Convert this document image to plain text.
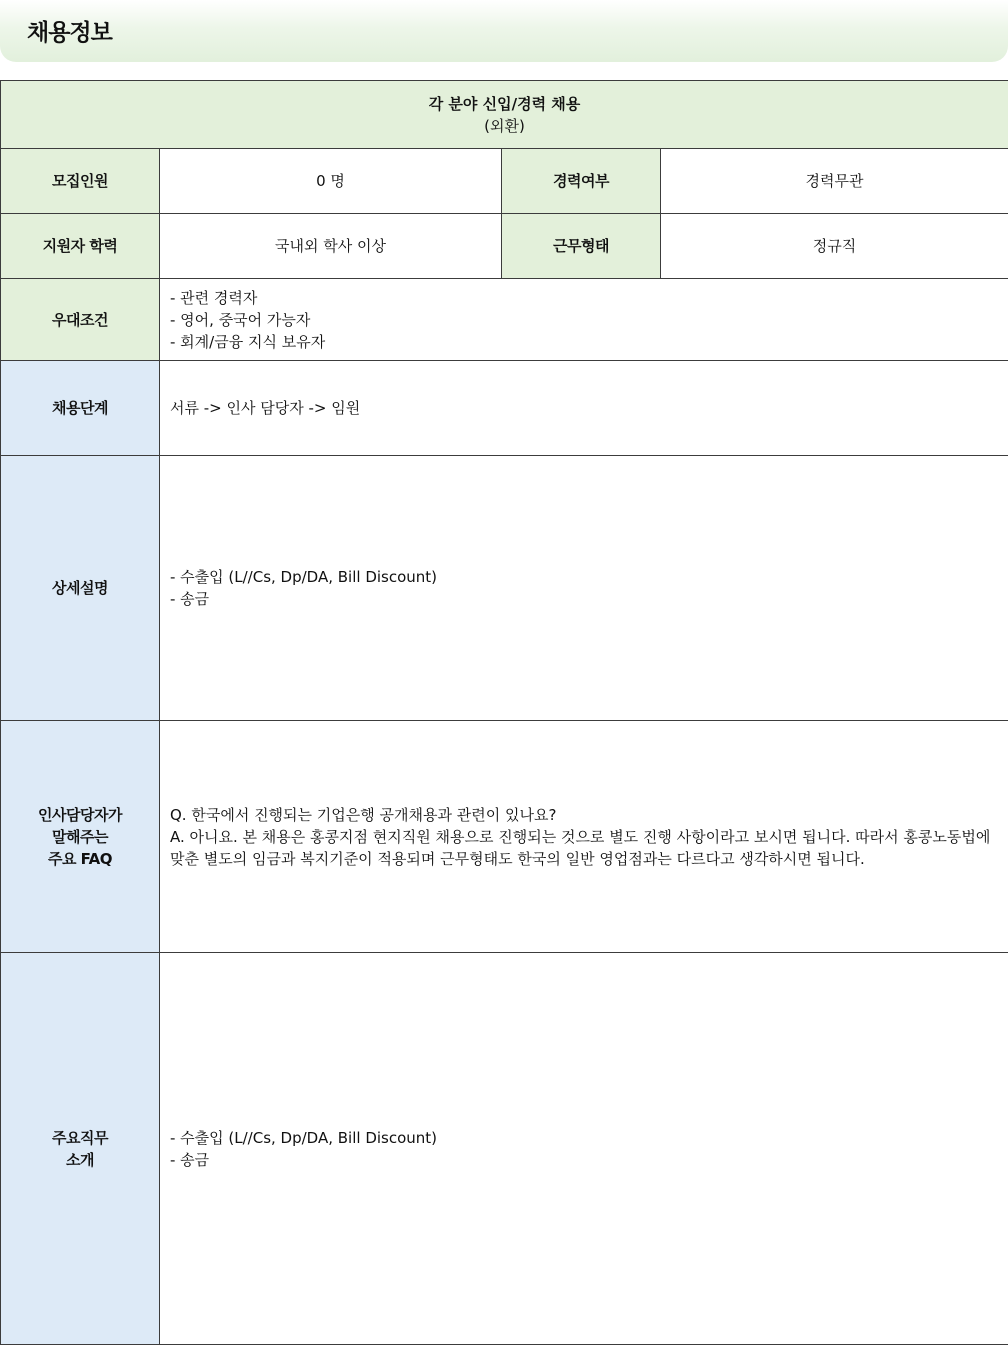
채용정보
각 분야 신입/경력 채용
(외환)			

모집인원	0 명	경력여부	경력무관
지원자 학력	국내외 학사 이상	근무형태	정규직
우대조건	- 관련 경력자
- 영어, 중국어 가능자
- 회계/금융 지식 보유자		

채용단계	서류 -> 인사 담당자 -> 임원		
상세설명	- 수출입 (L//Cs, Dp/DA, Bill Discount)
- 송금		

인사담당자가
말해주는
주요 FAQ	Q. 한국에서 진행되는 기업은행 공개채용과 관련이 있나요?
A. 아니요. 본 채용은 홍콩지점 현지직원 채용으로 진행되는 것으로 별도 진행 사항이라고 보시면 됩니다. 따라서 홍콩노동법에 맞춘 별도의 임금과 복지기준이 적용되며 근무형태도 한국의 일반 영업점과는 다르다고 생각하시면 됩니다.		

주요직무
소개	- 수출입 (L//Cs, Dp/DA, Bill Discount)
- 송금		
